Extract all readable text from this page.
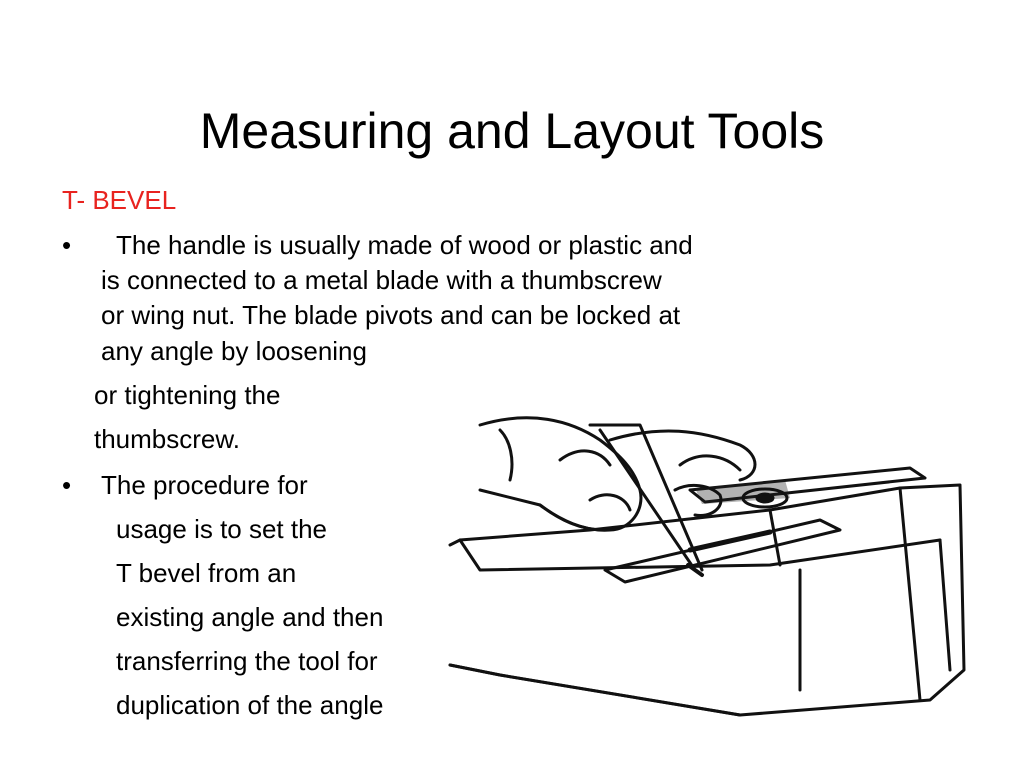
Measuring and Layout Tools
T- BEVEL
• The handle is usually made of wood or plastic and
is connected to a metal blade with a thumbscrew
or wing nut. The blade pivots and can be locked at
any angle by loosening
or tightening the
thumbscrew.
• The procedure for
usage is to set the
T bevel from an
existing angle and then
transferring the tool for
duplication of the angle
